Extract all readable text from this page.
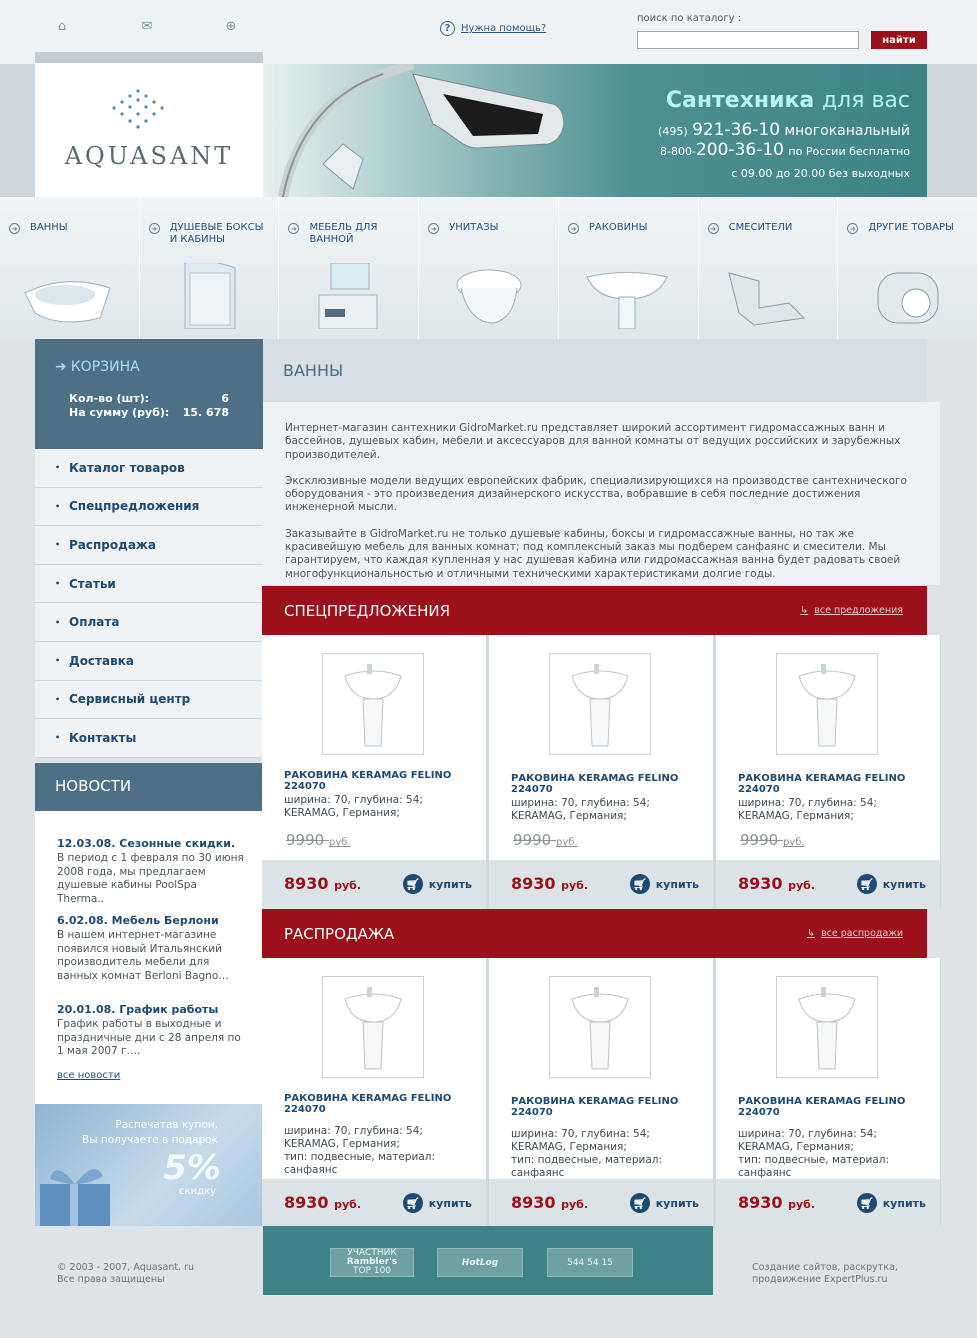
⌂	✉	⊕	?	Нужна помощь?
поиск по каталогу :
найти
AQUASANT
Сантехника для вас
(495) 921-36-10 многоканальный
8-800-200-36-10 по России бесплатно
с 09.00 до 20.00 без выходных
➜ ВАННЫ	➜ ДУШЕВЫЕ БОКСЫ И КАБИНЫ
➜ МЕБЕЛЬ ДЛЯ ВАННОЙ
➜ УНИТАЗЫ	➜ РАКОВИНЫ	➜ СМЕСИТЕЛИ	➜ ДРУГИЕ ТОВАРЫ
➜ КОРЗИНА
Кол-во (шт):	6
На сумму (руб): 15. 678
• Каталог товаров
• Спецпредложения
• Распродажа
• Статьи
• Оплата
• Доставка
• Сервисный центр
• Контакты
НОВОСТИ
12.03.08. Сезонные скидки.
В период с 1 февраля по 30 июня 2008 года, мы предлагаем душевые кабины PoolSpa Therma..
6.02.08. Мебель Берлони
В нашем интернет-магазине появился новый Итальянский производитель мебели для ванных комнат Berloni Bagno…
20.01.08. График работы
График работы в выходные и праздничные дни с 28 апреля по 1 мая 2007 г.…
все новости
Распечатав купон,
Вы получаете в подарок
5%
скидку
ВАННЫ

Интернет-магазин сантехники GidroMarket.ru представляет широкий ассортимент гидромассажных ванн и бассейнов, душевых кабин, мебели и аксессуаров для ванной комнаты от ведущих российских и зарубежных производителей.

Эксклюзивные модели ведущих европейских фабрик, специализирующихся на производстве сантехнического оборудования - это произведения дизайнерского искусства, вобравшие в себя последние достижения инженерной мысли.

Заказывайте в GidroMarket.ru не только душевые кабины, боксы и гидромассажные ванны, но так же красивейшую мебель для ванных комнат; под комплексный заказ мы подберем санфаянс и смесители. Мы гарантируем, что каждая купленная у нас душевая кабина или гидромассажная ванна будет радовать своей многофункциональностью и отличными техническими характеристиками долгие годы.

СПЕЦПРЕДЛОЖЕНИЯ	↳ все предложения
РАКОВИНА KERAMAG FELINO 224070
ширина: 70, глубина: 54;
KERAMAG, Германия;
9990 руб.
8930 руб.	🛒︎ купить
РАКОВИНА KERAMAG FELINO 224070
ширина: 70, глубина: 54;
KERAMAG, Германия;
9990 руб.
8930 руб.	🛒︎ купить
РАКОВИНА KERAMAG FELINO 224070
ширина: 70, глубина: 54;
KERAMAG, Германия;
9990 руб.
8930 руб.	🛒︎ купить
РАСПРОДАЖА	↳ все распродажи
РАКОВИНА KERAMAG FELINO 224070
ширина: 70, глубина: 54;
KERAMAG, Германия;
тип: подвесные, материал: санфаянс
8930 руб.	🛒︎ купить
РАКОВИНА KERAMAG FELINO 224070
ширина: 70, глубина: 54;
KERAMAG, Германия;
тип: подвесные, материал: санфаянс
8930 руб.	🛒︎ купить
РАКОВИНА KERAMAG FELINO 224070
ширина: 70, глубина: 54;
KERAMAG, Германия;
тип: подвесные, материал: санфаянс
8930 руб.	🛒︎ купить
© 2003 - 2007, Aquasant. ru
Все права защищены
УЧАСТНИК
Rambler's
TOP 100
HotLog	544 54 15	Создание сайтов, раскрутка,
продвижение ExpertPlus.ru
